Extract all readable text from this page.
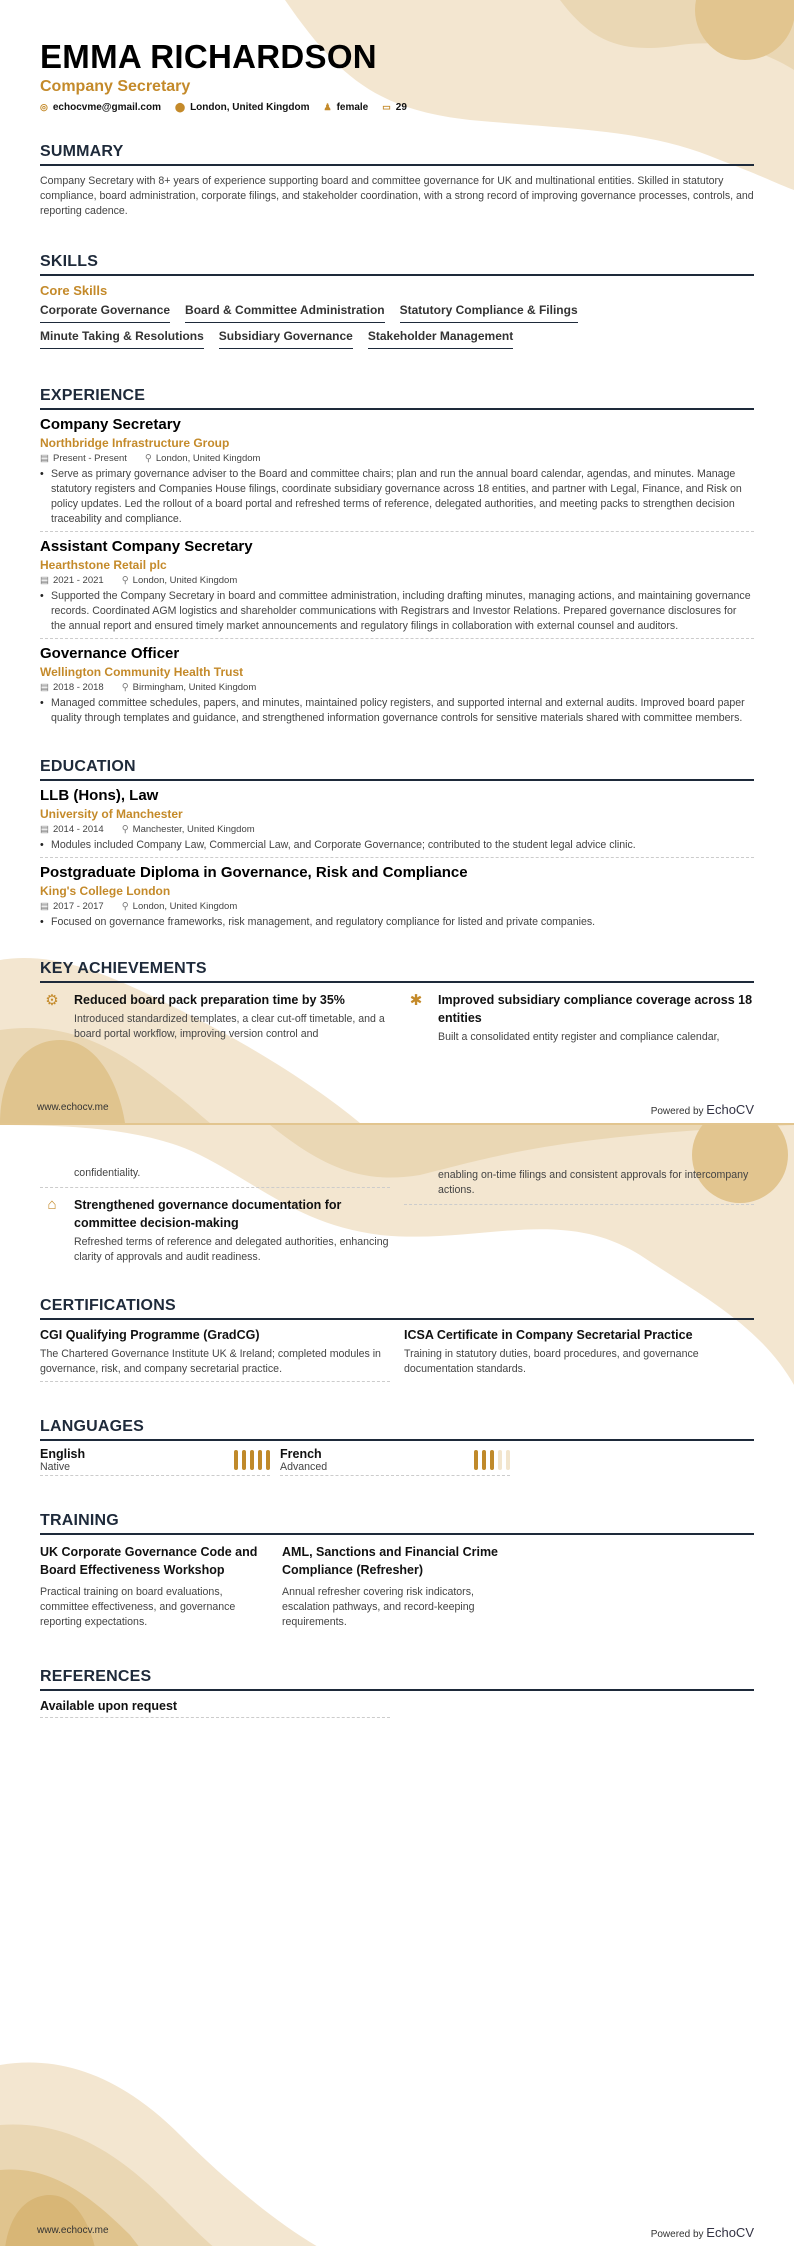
EMMA RICHARDSON
Company Secretary
◎ echocvme@gmail.com ⬤ London, United Kingdom ♟ female ▭ 29
SUMMARY

Company Secretary with 8+ years of experience supporting board and committee governance for UK and multinational entities. Skilled in statutory compliance, board administration, corporate filings, and stakeholder coordination, with a strong record of improving governance processes, controls, and reporting cadence.

SKILLS
Core Skills
Corporate Governance Board & Committee Administration Statutory Compliance & Filings
Minute Taking & Resolutions Subsidiary Governance Stakeholder Management
EXPERIENCE
Company Secretary
Northbridge Infrastructure Group
▤ Present - Present ⚲ London, United Kingdom
• Serve as primary governance adviser to the Board and committee chairs; plan and run the annual board calendar, agendas, and minutes. Manage statutory registers and Companies House filings, coordinate subsidiary governance across 18 entities, and partner with Legal, Finance, and Risk on policy updates. Led the rollout of a board portal and refreshed terms of reference, delegated authorities, and meeting packs to strengthen decision traceability and compliance.
Assistant Company Secretary
Hearthstone Retail plc
▤ 2021 - 2021 ⚲ London, United Kingdom
• Supported the Company Secretary in board and committee administration, including drafting minutes, managing actions, and maintaining governance records. Coordinated AGM logistics and shareholder communications with Registrars and Investor Relations. Prepared governance disclosures for the annual report and ensured timely market announcements and regulatory filings in collaboration with external counsel and auditors.
Governance Officer
Wellington Community Health Trust
▤ 2018 - 2018 ⚲ Birmingham, United Kingdom
• Managed committee schedules, papers, and minutes, maintained policy registers, and supported internal and external audits. Improved board paper quality through templates and guidance, and strengthened information governance controls for sensitive materials shared with committee members.
EDUCATION
LLB (Hons), Law
University of Manchester
▤ 2014 - 2014 ⚲ Manchester, United Kingdom
• Modules included Company Law, Commercial Law, and Corporate Governance; contributed to the student legal advice clinic.
Postgraduate Diploma in Governance, Risk and Compliance
King's College London
▤ 2017 - 2017 ⚲ London, United Kingdom
• Focused on governance frameworks, risk management, and regulatory compliance for listed and private companies.
KEY ACHIEVEMENTS
⚙	Reduced board pack preparation time by 35%

Introduced standardized templates, a clear cut-off timetable, and a board portal workflow, improving version control and

✱	Improved subsidiary compliance coverage across 18 entities

Built a consolidated entity register and compliance calendar,

www.echocv.me	Powered by EchoCV

confidentiality.

⌂	Strengthened governance documentation for committee decision-making

Refreshed terms of reference and delegated authorities, enhancing clarity of approvals and audit readiness.

enabling on-time filings and consistent approvals for intercompany actions.

CERTIFICATIONS
CGI Qualifying Programme (GradCG)

The Chartered Governance Institute UK & Ireland; completed modules in governance, risk, and company secretarial practice.

ICSA Certificate in Company Secretarial Practice

Training in statutory duties, board procedures, and governance documentation standards.

LANGUAGES
English
Native
French
Advanced
TRAINING
UK Corporate Governance Code and Board Effectiveness Workshop

Practical training on board evaluations, committee effectiveness, and governance reporting expectations.

AML, Sanctions and Financial Crime Compliance (Refresher)

Annual refresher covering risk indicators, escalation pathways, and record-keeping requirements.

REFERENCES
Available upon request
www.echocv.me	Powered by EchoCV
